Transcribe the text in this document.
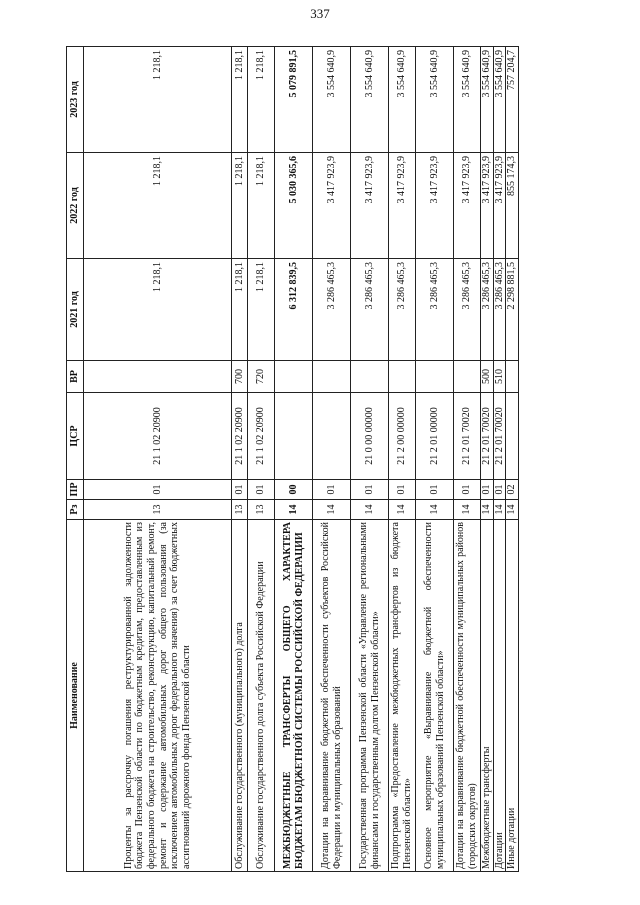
337
Наименование	Рз	ПР	ЦСР	ВР	2021 год	2022 год	2023 год
Проценты за рассрочку погашения реструктурированной задолженности бюджета Пензенской области по бюджетным кредитам, предоставленным из федерального бюджета на строительство, реконструкцию, капитальный ремонт, ремонт и содержание автомобильных дорог общего пользования (за исключением автомобильных дорог федерального значения) за счет бюджетных ассигнований дорожного фонда Пензенской области	13	01	21 1 02 20900		1 218,1	1 218,1	1 218,1
Обслуживание государственного (муниципального) долга	13	01	21 1 02 20900	700	1 218,1	1 218,1	1 218,1
Обслуживание государственного долга субъекта Российской Федерации	13	01	21 1 02 20900	720	1 218,1	1 218,1	1 218,1
МЕЖБЮДЖЕТНЫЕ ТРАНСФЕРТЫ ОБЩЕГО ХАРАКТЕРА БЮДЖЕТАМ БЮДЖЕТНОЙ СИСТЕМЫ РОССИЙСКОЙ ФЕДЕРАЦИИ	14	00			6 312 839,5	5 030 365,6	5 079 891,5
Дотации на выравнивание бюджетной обеспеченности субъектов Российской Федерации и муниципальных образований	14	01			3 286 465,3	3 417 923,9	3 554 640,9
Государственная программа Пензенской области «Управление региональными финансами и государственным долгом Пензенской области»	14	01	21 0 00 00000		3 286 465,3	3 417 923,9	3 554 640,9
Подпрограмма «Предоставление межбюджетных трансфертов из бюджета Пензенской области»	14	01	21 2 00 00000		3 286 465,3	3 417 923,9	3 554 640,9
Основное мероприятие «Выравнивание бюджетной обеспеченности муниципальных образований Пензенской области»	14	01	21 2 01 00000		3 286 465,3	3 417 923,9	3 554 640,9
Дотации на выравнивание бюджетной обеспеченности муниципальных районов (городских округов)	14	01	21 2 01 70020		3 286 465,3	3 417 923,9	3 554 640,9
Межбюджетные трансферты	14	01	21 2 01 70020	500	3 286 465,3	3 417 923,9	3 554 640,9
Дотации	14	01	21 2 01 70020	510	3 286 465,3	3 417 923,9	3 554 640,9
Иные дотации	14	02			2 298 881,5	855 174,3	757 204,7
